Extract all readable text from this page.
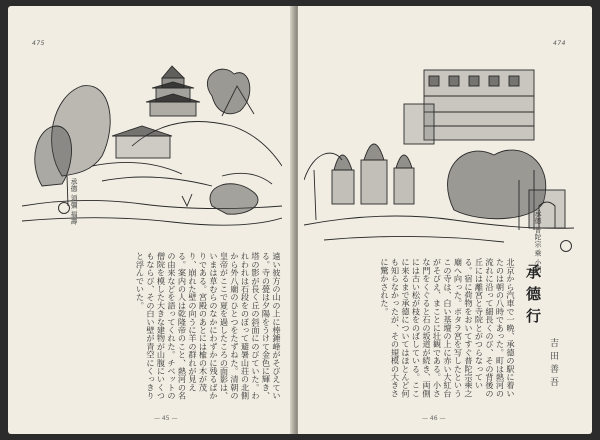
475
承德 須彌 福壽
遠い彼方の山の上に棒錘峰がそびえている。寺の甍は夕陽をうけて金色に輝き、塔の影が長く丘の斜面にのびていた。われわれは石段をのぼって避暑山荘の北側から外八廟のひとつをたずねた。清朝の皇帝がここで夏を過したころの面影は、いまは草むらのなかにわずかに残るばかりである。宮殿のあとには楡の木が茂り、崩れた壁の向うに羊の群れが見える。案内の人は乾隆帝のこと、熱河の名の由来などを語ってくれた。チベットの僧院を模した大きな建物が山腹にいくつもならび、その白い壁が青空にくっきりと浮んでいた。
— 45 —
474
承德 普陀宗 乘 小門
承德行
吉田善吾
北京から汽車で一晩、承德の駅に着いたのは朝の八時であった。町は熱河の流れに沿って細長くのび、その背後の丘には離宮と寺院とがつらなっている。宿に荷物をおいてすぐ普陀宗乘之廟へ向った。ポタラ宮を写したというこの寺は、白い基壇の上に赤い大紅台がそびえ、まことに壮観である。小さな門をくぐると石の坂道が続き、両側には古い松が枝をのばしている。ここに来るまで承德についてはほとんど何も知らなかったが、その規模の大きさに驚かされた。
— 46 —
